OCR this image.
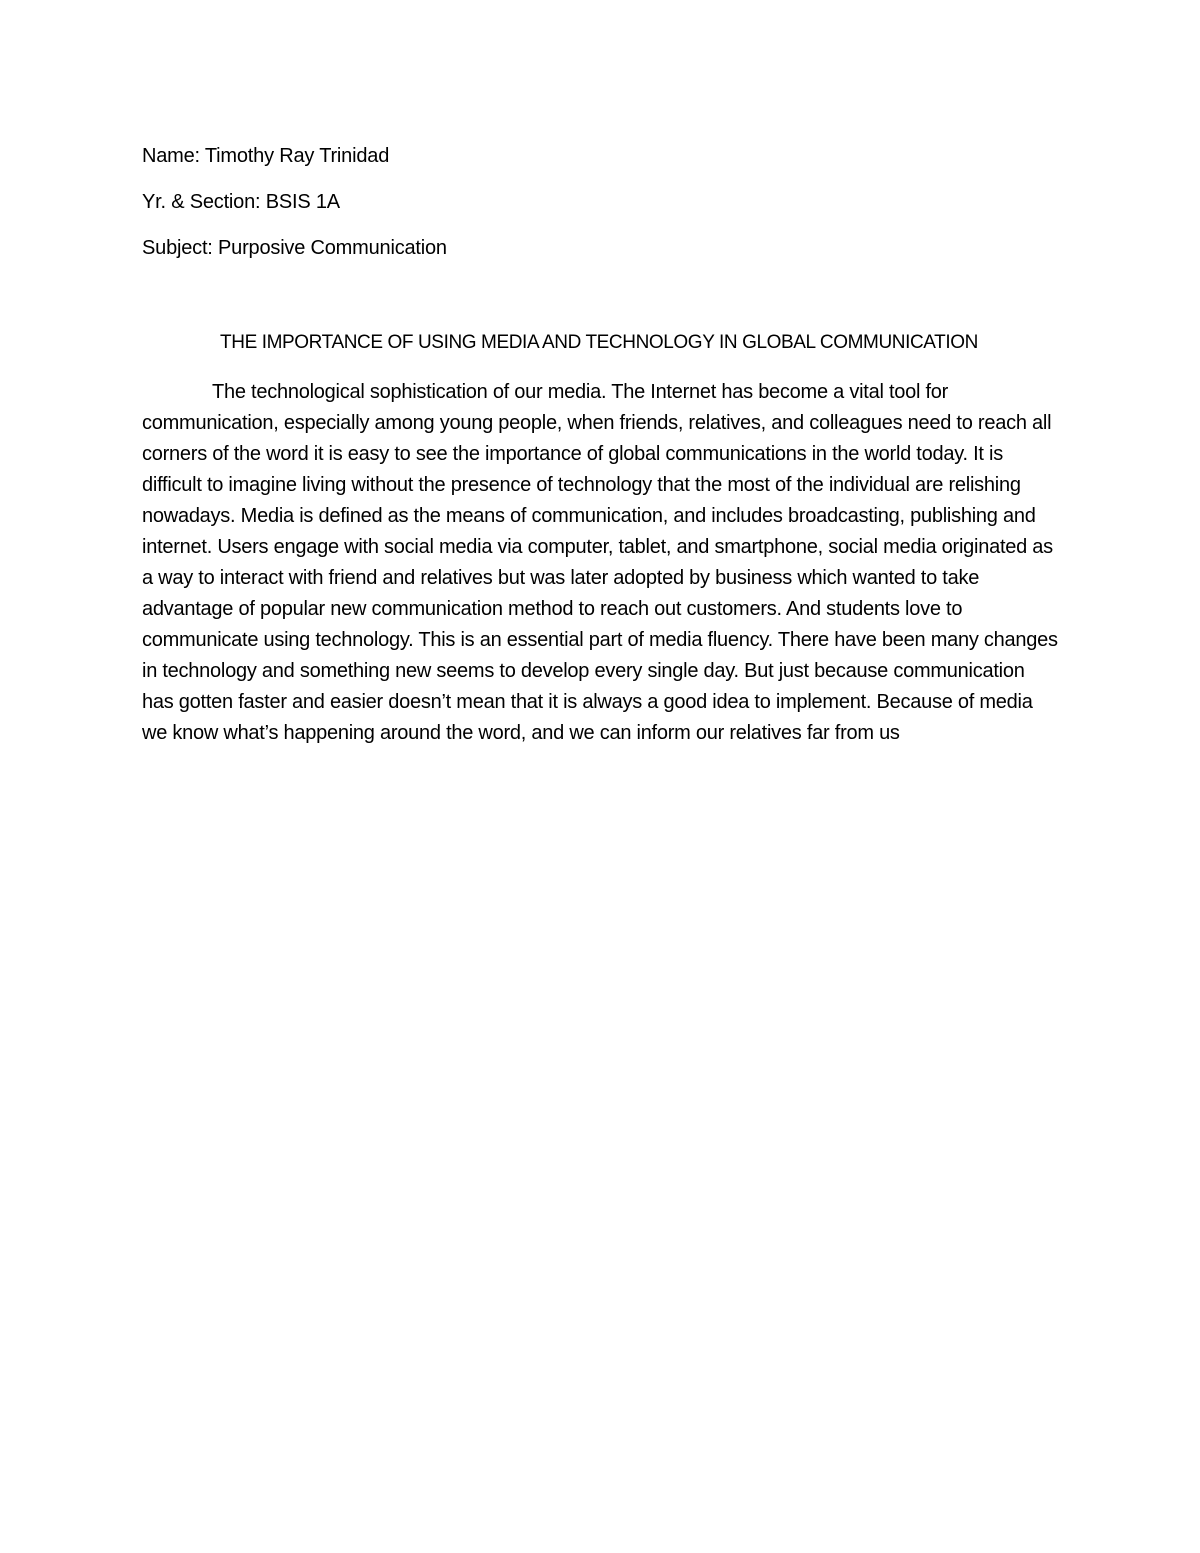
Name: Timothy Ray Trinidad

Yr. & Section: BSIS 1A

Subject: Purposive Communication

THE IMPORTANCE OF USING MEDIA AND TECHNOLOGY IN GLOBAL COMMUNICATION

The technological sophistication of our media. The Internet has become a vital tool for communication, especially among young people, when friends, relatives, and colleagues need to reach all corners of the word it is easy to see the importance of global communications in the world today. It is difficult to imagine living without the presence of technology that the most of the individual are relishing nowadays. Media is defined as the means of communication, and includes broadcasting, publishing and internet. Users engage with social media via computer, tablet, and smartphone, social media originated as a way to interact with friend and relatives but was later adopted by business which wanted to take advantage of popular new communication method to reach out customers. And students love to communicate using technology. This is an essential part of media fluency. There have been many changes in technology and something new seems to develop every single day. But just because communication has gotten faster and easier doesn’t mean that it is always a good idea to implement. Because of media we know what’s happening around the word, and we can inform our relatives far from us
